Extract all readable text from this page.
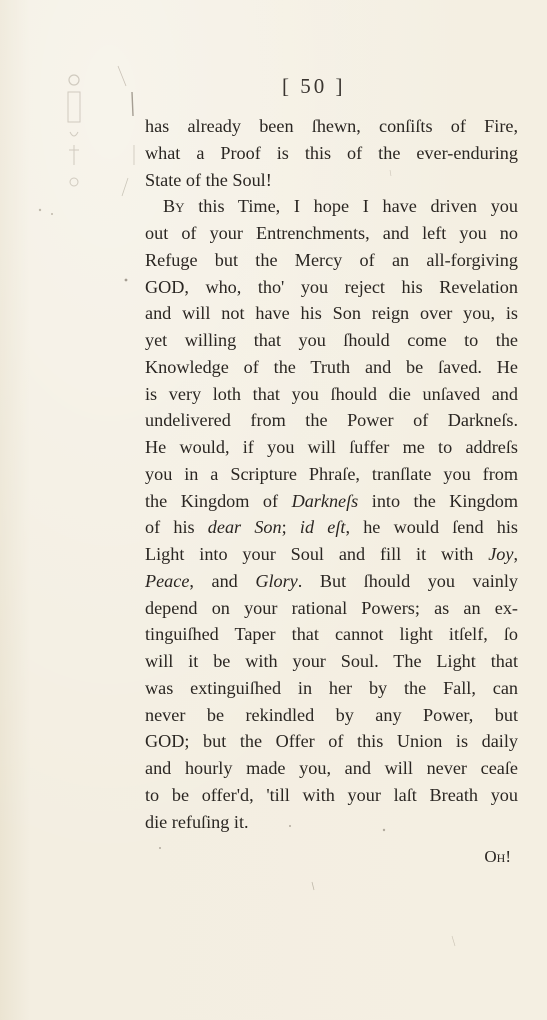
[ 50 ]
has already been ſhewn, conſiſts of Fire,
what a Proof is this of the ever-enduring
State of the Soul!
By this Time, I hope I have driven you
out of your Entrenchments, and left you no
Refuge but the Mercy of an all-forgiving
GOD, who, tho' you reject his Revelation
and will not have his Son reign over you, is
yet willing that you ſhould come to the
Knowledge of the Truth and be ſaved. He
is very loth that you ſhould die unſaved and
undelivered from the Power of Darkneſs.
He would, if you will ſuffer me to addreſs
you in a Scripture Phraſe, tranſlate you from
the Kingdom of Darkneſs into the Kingdom
of his dear Son; id eſt, he would ſend his
Light into your Soul and fill it with Joy,
Peace, and Glory. But ſhould you vainly
depend on your rational Powers; as an ex-
tinguiſhed Taper that cannot light itſelf, ſo
will it be with your Soul. The Light that
was extinguiſhed in her by the Fall, can
never be rekindled by any Power, but
GOD; but the Offer of this Union is daily
and hourly made you, and will never ceaſe
to be offer'd, 'till with your laſt Breath you
die refuſing it.
Oh!
